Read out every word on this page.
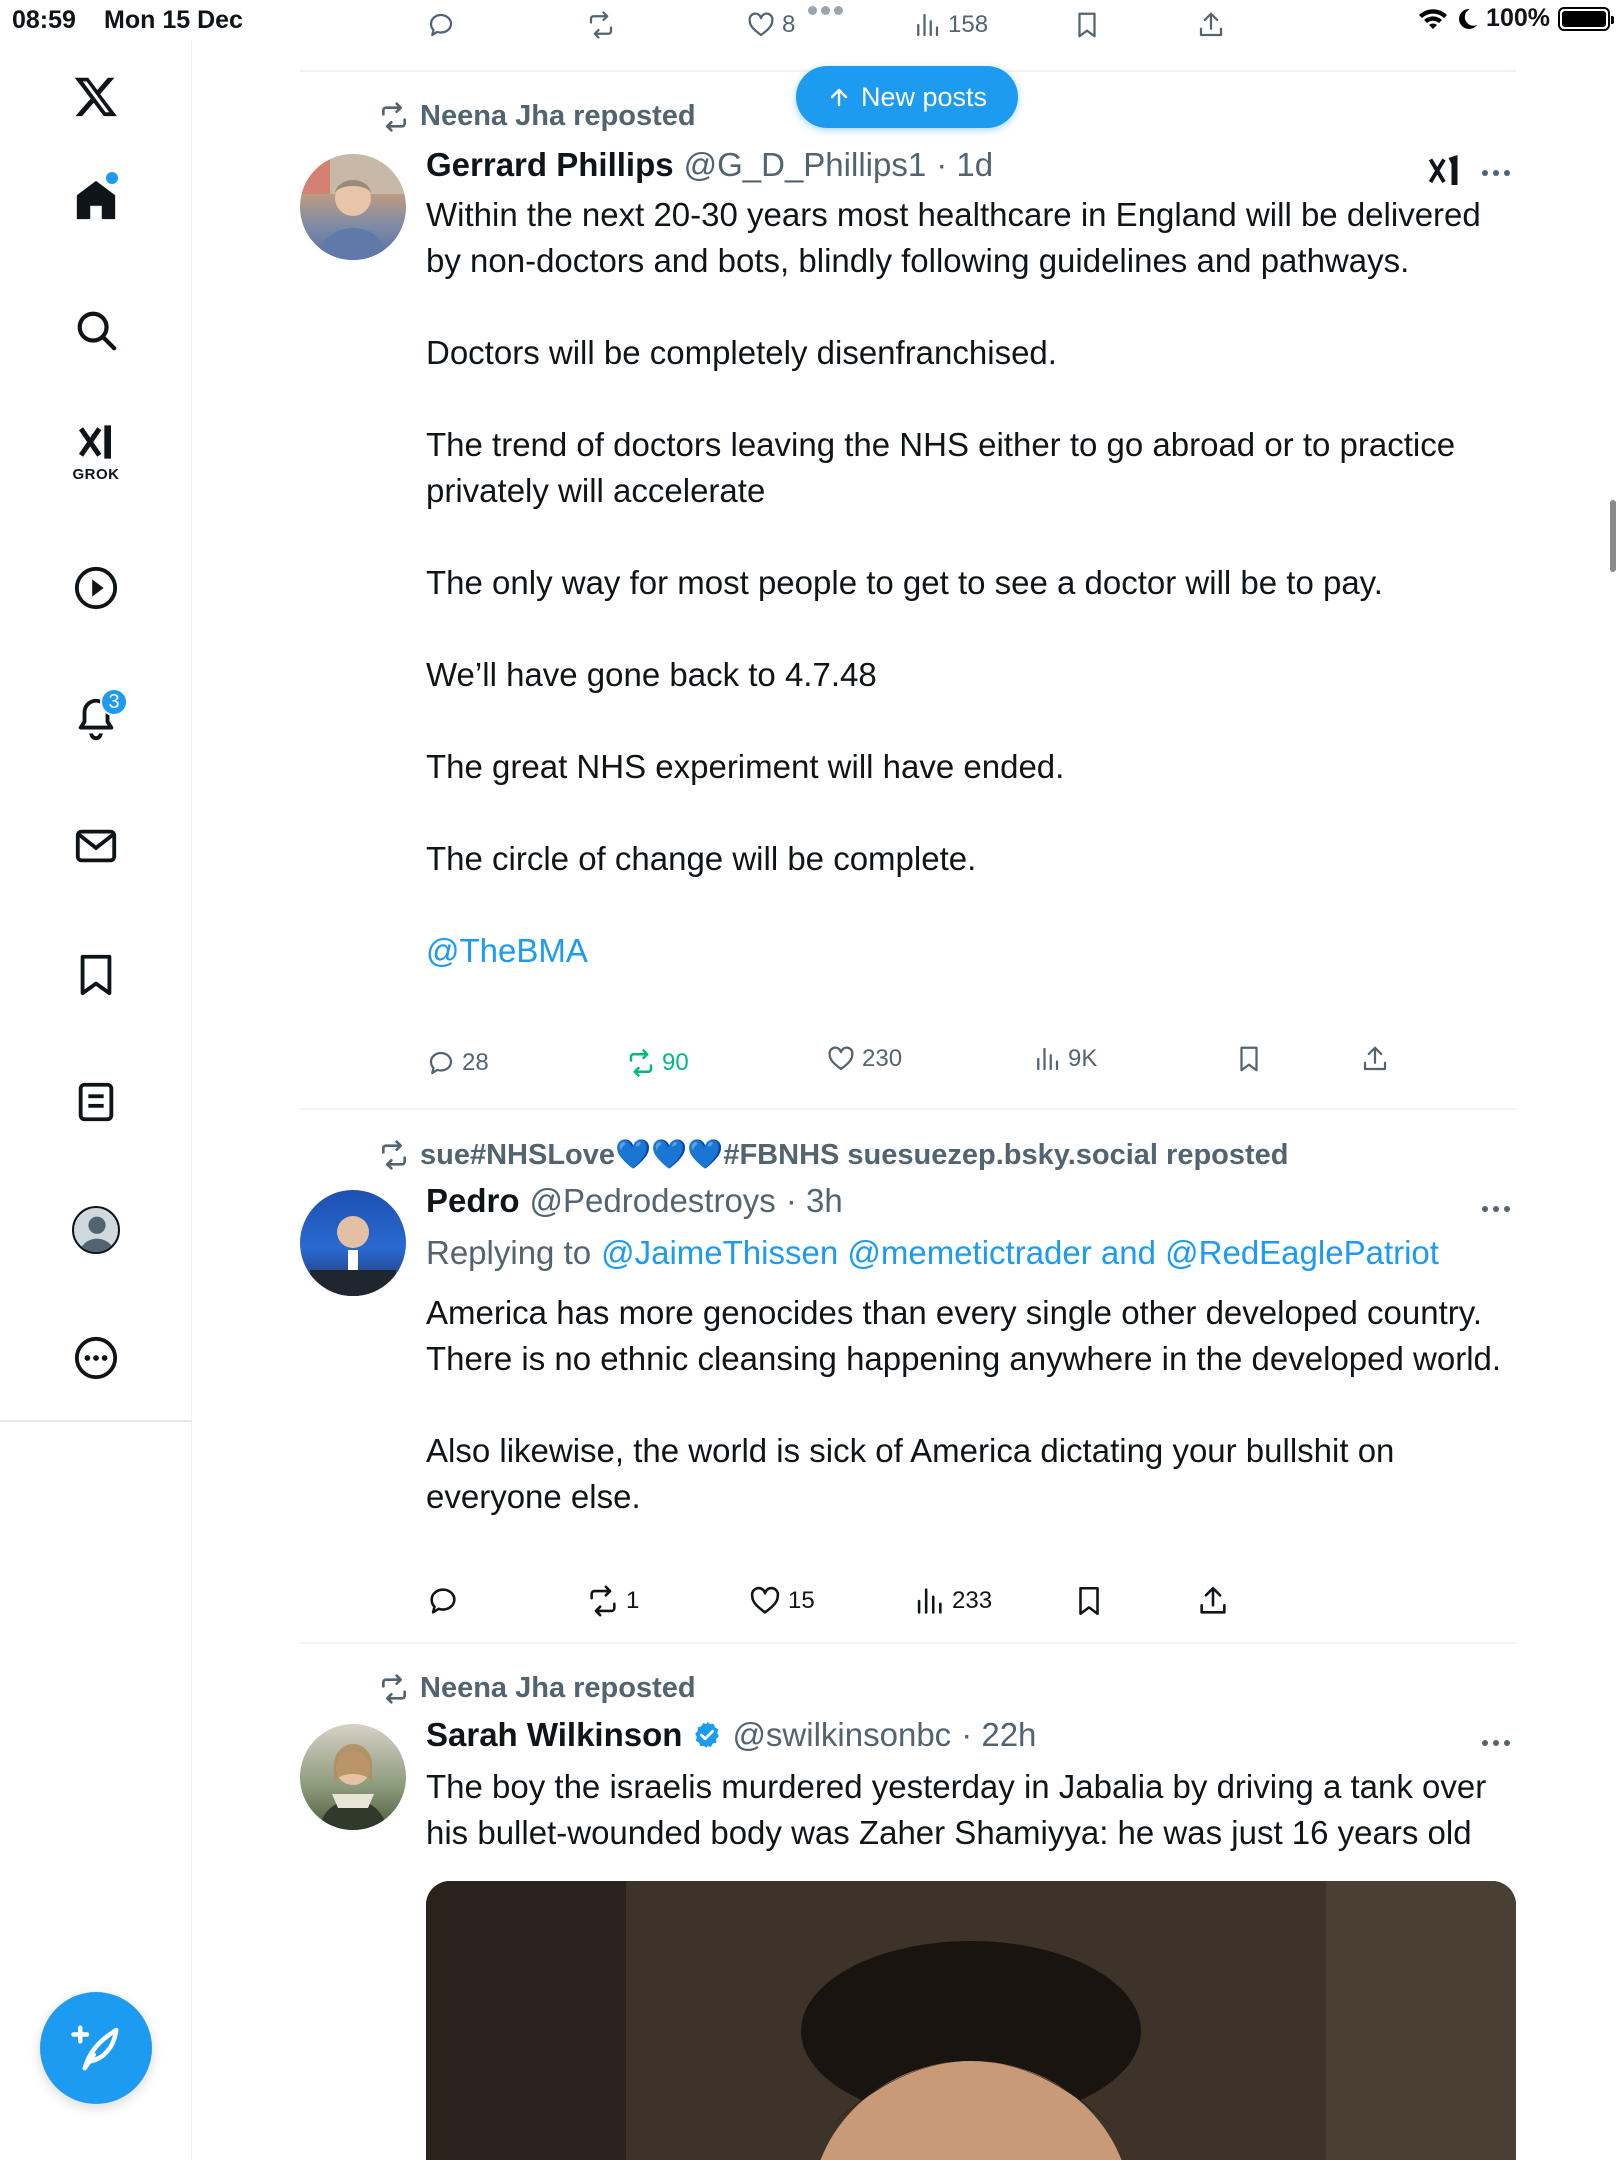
08:59 Mon 15 Dec	100%
GROK
3
8	158
New posts
Neena Jha reposted
Gerrard Phillips @G_D_Phillips1 · 1d

Within the next 20-30 years most healthcare in England will be delivered by non-doctors and bots, blindly following guidelines and pathways.

Doctors will be completely disenfranchised.

The trend of doctors leaving the NHS either to go abroad or to practice privately will accelerate

The only way for most people to get to see a doctor will be to pay.

We’ll have gone back to 4.7.48

The great NHS experiment will have ended.

The circle of change will be complete.

@TheBMA

28	90	230	9K
sue#NHSLove💙💙💙#FBNHS suesuezep.bsky.social reposted
Pedro @Pedrodestroys · 3h
Replying to @JaimeThissen @memetictrader and @RedEaglePatriot

America has more genocides than every single other developed country. There is no ethnic cleansing happening anywhere in the developed world.

Also likewise, the world is sick of America dictating your bullshit on everyone else.

1	15	233
Neena Jha reposted
Sarah Wilkinson @swilkinsonbc · 22h

The boy the israelis murdered yesterday in Jabalia by driving a tank over his bullet-wounded body was Zaher Shamiyya: he was just 16 years old
